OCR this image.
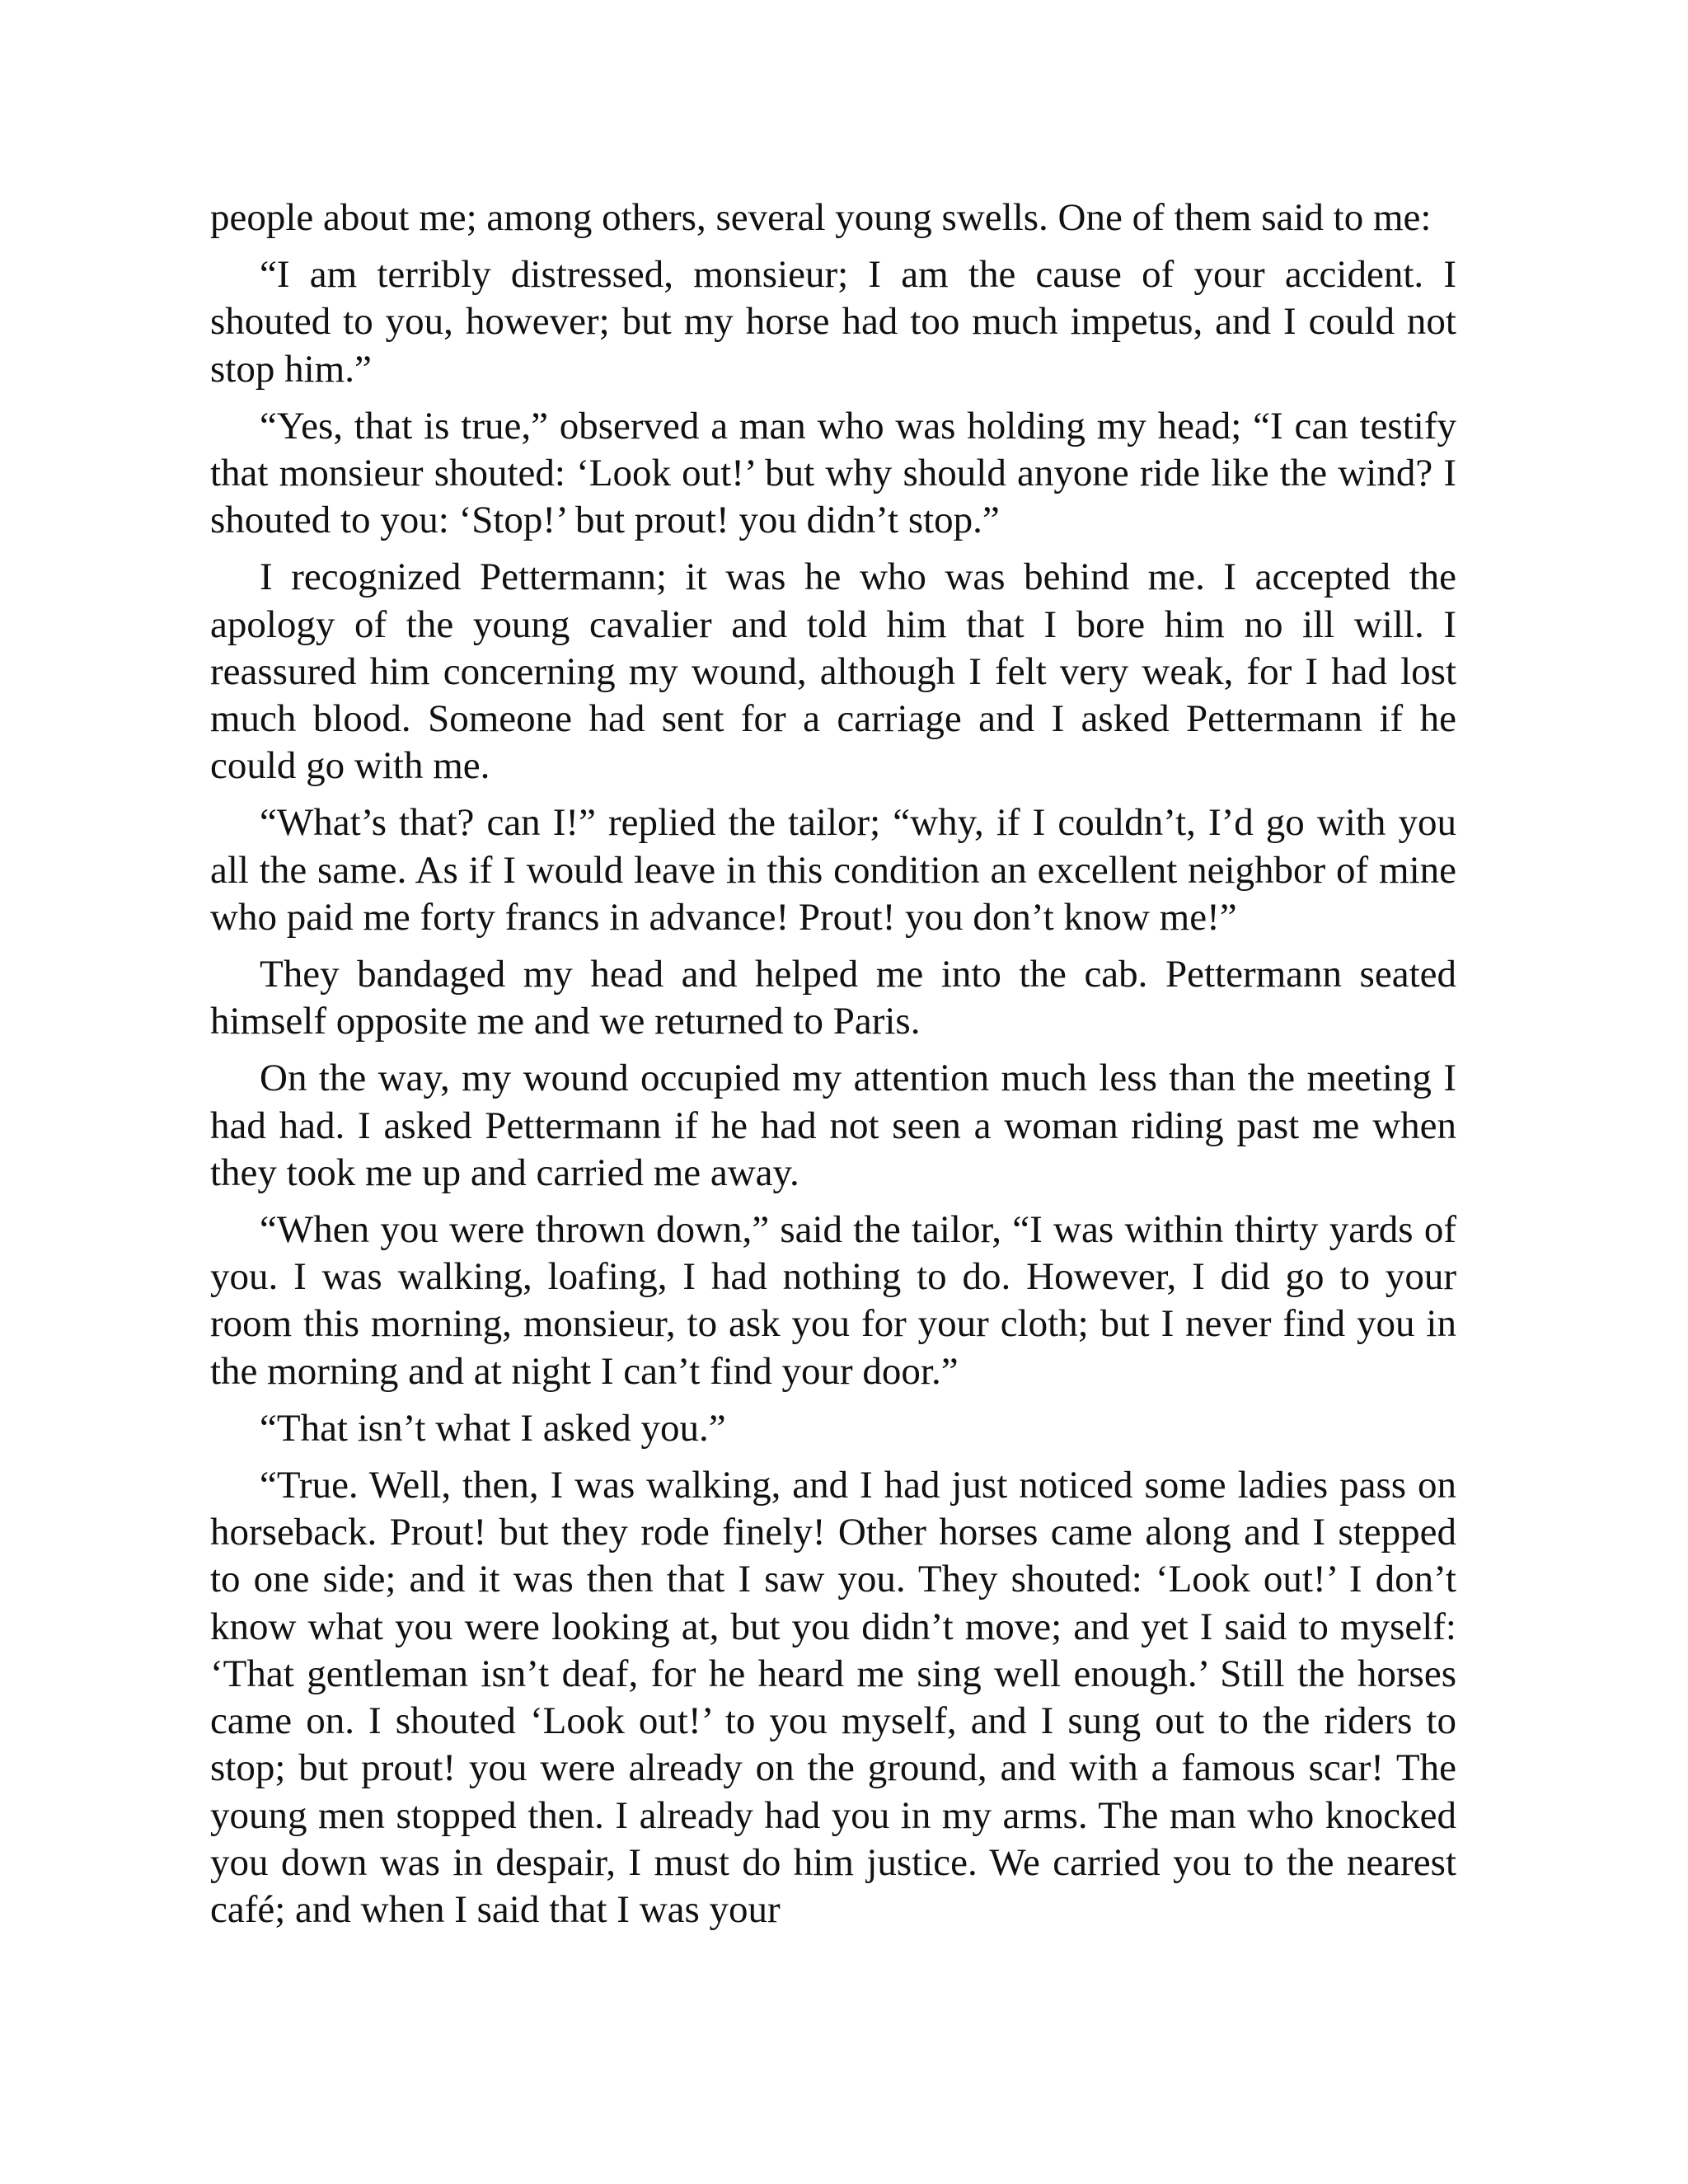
people about me; among others, several young swells. One of them said to me:

“I am terribly distressed, monsieur; I am the cause of your accident. I shouted to you, however; but my horse had too much impetus, and I could not stop him.”

“Yes, that is true,” observed a man who was holding my head; “I can testify that monsieur shouted: ‘Look out!’ but why should anyone ride like the wind? I shouted to you: ‘Stop!’ but prout! you didn’t stop.”

I recognized Pettermann; it was he who was behind me. I accepted the apology of the young cavalier and told him that I bore him no ill will. I reassured him concerning my wound, although I felt very weak, for I had lost much blood. Someone had sent for a carriage and I asked Pettermann if he could go with me.

“What’s that? can I!” replied the tailor; “why, if I couldn’t, I’d go with you all the same. As if I would leave in this condition an excellent neighbor of mine who paid me forty francs in advance! Prout! you don’t know me!”

They bandaged my head and helped me into the cab. Pettermann seated himself opposite me and we returned to Paris.

On the way, my wound occupied my attention much less than the meeting I had had. I asked Pettermann if he had not seen a woman riding past me when they took me up and carried me away.

“When you were thrown down,” said the tailor, “I was within thirty yards of you. I was walking, loafing, I had nothing to do. However, I did go to your room this morning, monsieur, to ask you for your cloth; but I never find you in the morning and at night I can’t find your door.”

“That isn’t what I asked you.”

“True. Well, then, I was walking, and I had just noticed some ladies pass on horseback. Prout! but they rode finely! Other horses came along and I stepped to one side; and it was then that I saw you. They shouted: ‘Look out!’ I don’t know what you were looking at, but you didn’t move; and yet I said to myself: ‘That gentleman isn’t deaf, for he heard me sing well enough.’ Still the horses came on. I shouted ‘Look out!’ to you myself, and I sung out to the riders to stop; but prout! you were already on the ground, and with a famous scar! The young men stopped then. I already had you in my arms. The man who knocked you down was in despair, I must do him justice. We carried you to the nearest café; and when I said that I was your
